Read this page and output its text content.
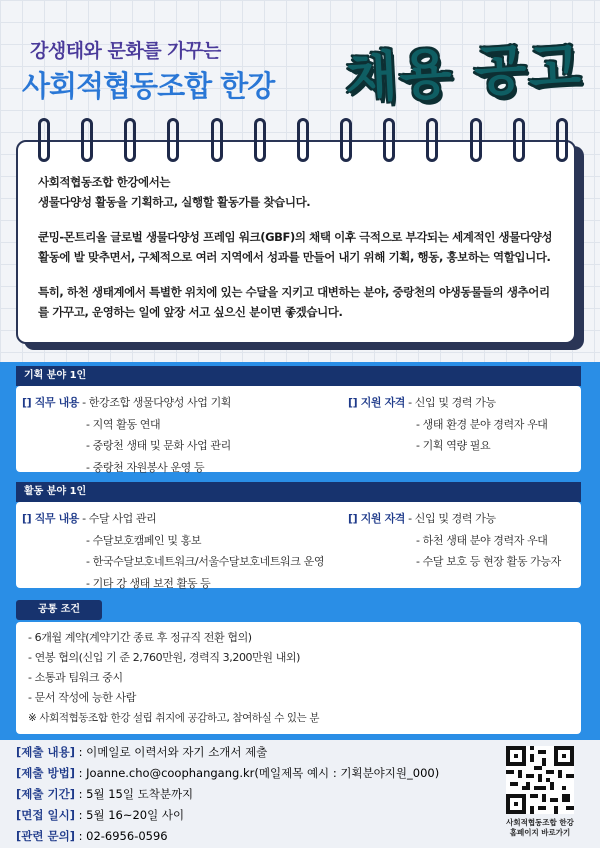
강생태와 문화를 가꾸는
사회적협동조합 한강 채용 공고

사회적협동조합 한강에서는
생물다양성 활동을 기획하고, 실행할 활동가를 찾습니다.

쿤밍-몬트리올 글로벌 생물다양성 프레임 워크(GBF)의 채택 이후 극적으로 부각되는 세계적인 생물다양성 활동에 발 맞추면서, 구체적으로 여러 지역에서 성과를 만들어 내기 위해 기획, 행동, 홍보하는 역할입니다.

특히, 하천 생태계에서 특별한 위치에 있는 수달을 지키고 대변하는 분야, 중랑천의 야생동물들의 생추어리를 가꾸고, 운영하는 일에 앞장 서고 싶으신 분이면 좋겠습니다.

기획 분야 1인
[] 직무 내용 - 한강조합 생물다양성 사업 기획
- 지역 활동 연대
- 중랑천 생태 및 문화 사업 관리
- 중랑천 자원봉사 운영 등
[] 지원 자격 - 신입 및 경력 가능
- 생태 환경 분야 경력자 우대
- 기획 역량 필요
활동 분야 1인
[] 직무 내용 - 수달 사업 관리
- 수달보호캠페인 및 홍보
- 한국수달보호네트워크/서울수달보호네트워크 운영
- 기타 강 생태 보전 활동 등
[] 지원 자격 - 신입 및 경력 가능
- 하천 생태 분야 경력자 우대
- 수달 보호 등 현장 활동 가능자
공통 조건
- 6개월 계약(계약기간 종료 후 정규직 전환 협의)
- 연봉 협의(신입 기 준 2,760만원, 경력직 3,200만원 내외)
- 소통과 팀워크 중시
- 문서 작성에 능한 사람
※ 사회적협동조합 한강 설립 취지에 공감하고, 참여하실 수 있는 분
[제출 내용] : 이메일로 이력서와 자기 소개서 제출
[제출 방법] : Joanne.cho@coophangang.kr(메일제목 예시 : 기획분야지원_000)
[제출 기간] : 5월 15일 도착분까지
[면접 일시] : 5월 16~20일 사이
[관련 문의] : 02-6956-0596
사회적협동조합 한강
홈페이지 바로가기
